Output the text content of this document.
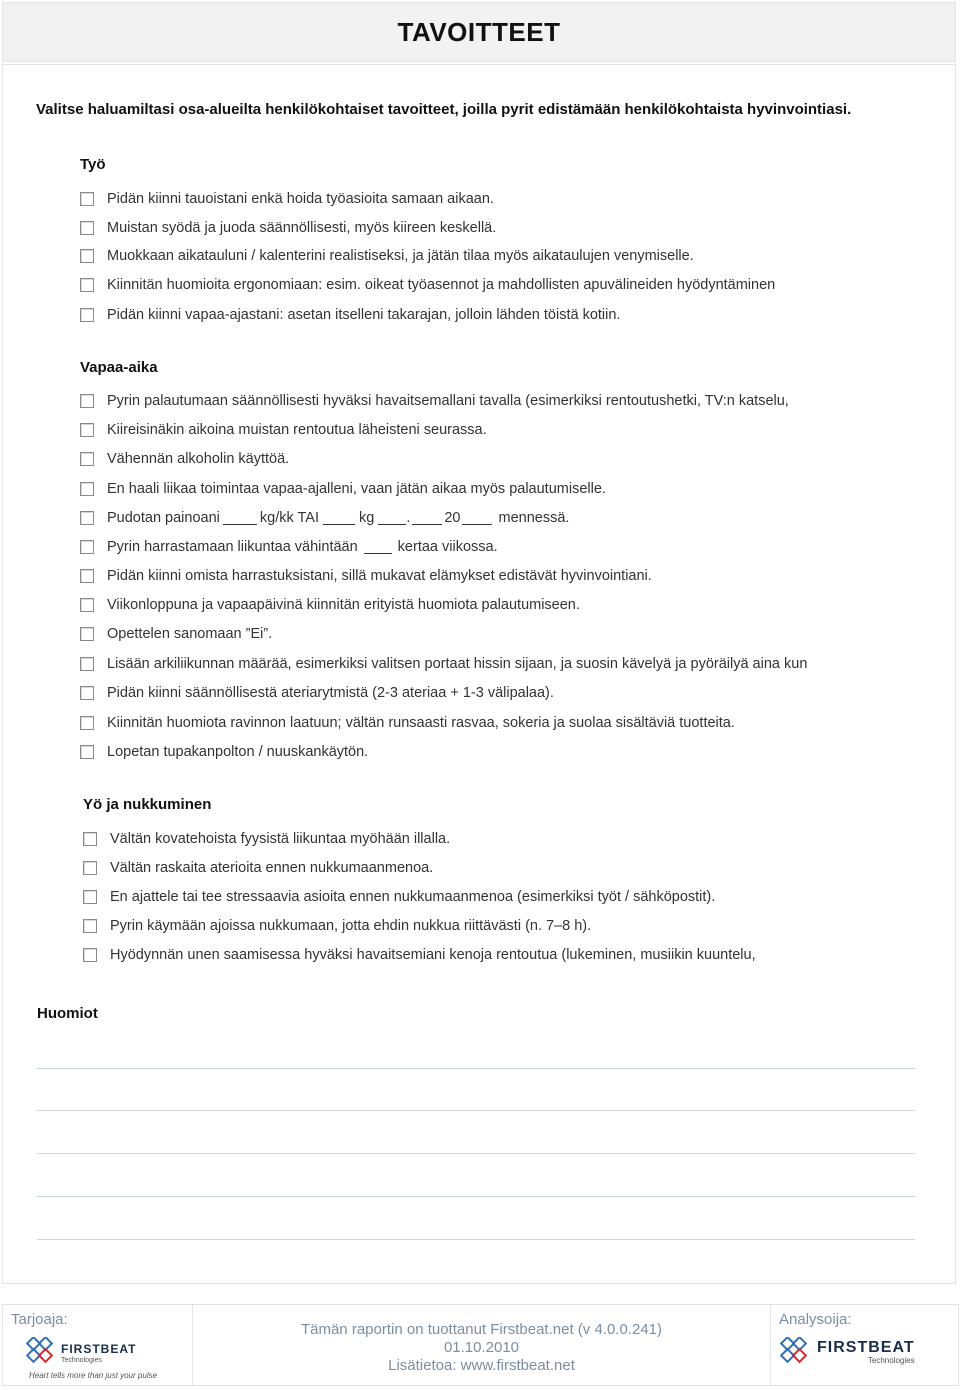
TAVOITTEET
Valitse haluamiltasi osa-alueilta henkilökohtaiset tavoitteet, joilla pyrit edistämään henkilökohtaista hyvinvointiasi.
Työ
Pidän kiinni tauoistani enkä hoida työasioita samaan aikaan.
Muistan syödä ja juoda säännöllisesti, myös kiireen keskellä.
Muokkaan aikatauluni / kalenterini realistiseksi, ja jätän tilaa myös aikataulujen venymiselle.
Kiinnitän huomioita ergonomiaan: esim. oikeat työasennot ja mahdollisten apuvälineiden hyödyntäminen
Pidän kiinni vapaa-ajastani: asetan itselleni takarajan, jolloin lähden töistä kotiin.
Vapaa-aika
Pyrin palautumaan säännöllisesti hyväksi havaitsemallani tavalla (esimerkiksi rentoutushetki, TV:n katselu,
Kiireisinäkin aikoina muistan rentoutua läheisteni seurassa.
Vähennän alkoholin käyttöä.
En haali liikaa toimintaa vapaa-ajalleni, vaan jätän aikaa myös palautumiselle.
Pudotan painoani	kg/kk TAI	kg . 20	mennessä.
Pyrin harrastamaan liikuntaa vähintään	kertaa viikossa.
Pidän kiinni omista harrastuksistani, sillä mukavat elämykset edistävät hyvinvointiani.
Viikonloppuna ja vapaapäivinä kiinnitän erityistä huomiota palautumiseen.
Opettelen sanomaan ”Ei”.
Lisään arkiliikunnan määrää, esimerkiksi valitsen portaat hissin sijaan, ja suosin kävelyä ja pyöräilyä aina kun
Pidän kiinni säännöllisestä ateriarytmistä (2-3 ateriaa + 1-3 välipalaa).
Kiinnitän huomiota ravinnon laatuun; vältän runsaasti rasvaa, sokeria ja suolaa sisältäviä tuotteita.
Lopetan tupakanpolton / nuuskankäytön.
Yö ja nukkuminen
Vältän kovatehoista fyysistä liikuntaa myöhään illalla.
Vältän raskaita aterioita ennen nukkumaanmenoa.
En ajattele tai tee stressaavia asioita ennen nukkumaanmenoa (esimerkiksi työt / sähköpostit).
Pyrin käymään ajoissa nukkumaan, jotta ehdin nukkua riittävästi (n. 7–8 h).
Hyödynnän unen saamisessa hyväksi havaitsemiani kenoja rentoutua (lukeminen, musiikin kuuntelu,
Huomiot
Tarjoaja:
FIRSTBEAT
Technologies
Heart tells more than just your pulse
Tämän raportin on tuottanut Firstbeat.net (v 4.0.0.241)
01.10.2010
Lisätietoa: www.firstbeat.net
Analysoija:
FIRSTBEAT
Technologies
